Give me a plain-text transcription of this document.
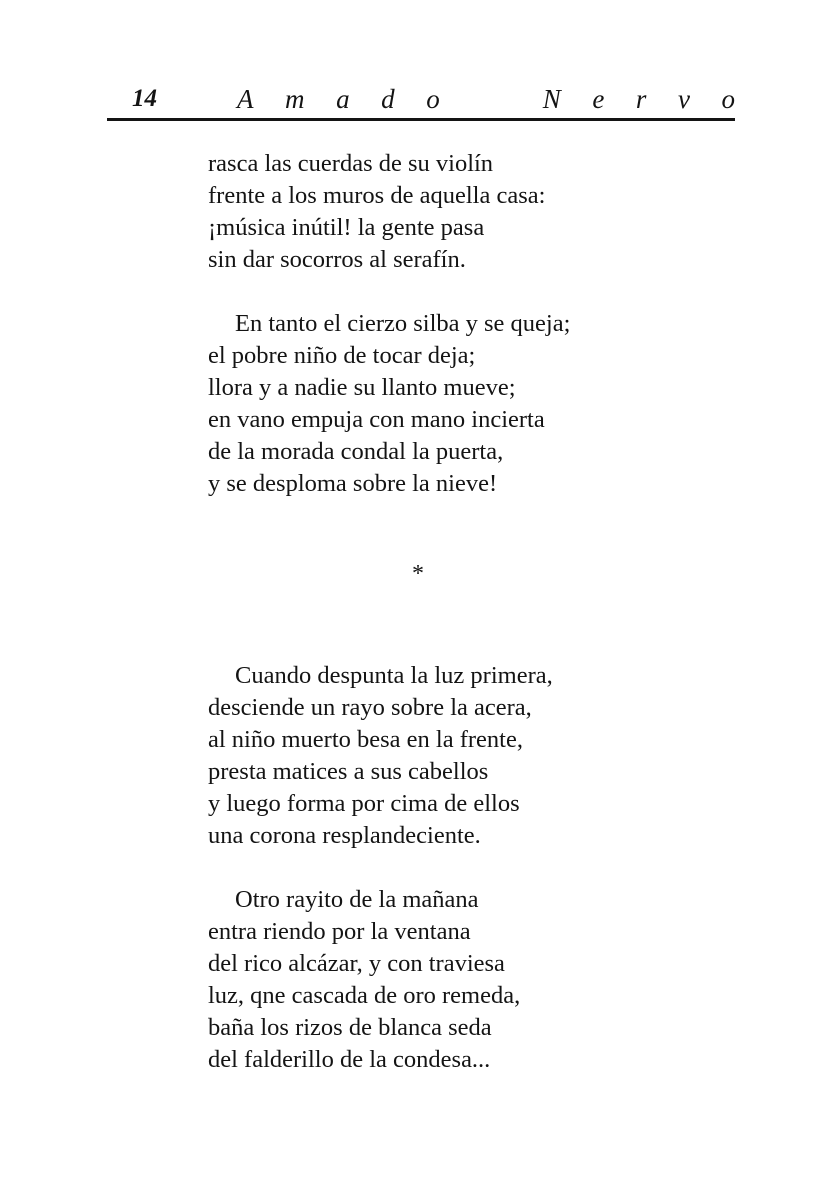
14	A m a d o	N e r v o

rasca las cuerdas de su violín
frente a los muros de aquella casa:
¡música inútil! la gente pasa
sin dar socorros al serafín.

En tanto el cierzo silba y se queja;
el pobre niño de tocar deja;
llora y a nadie su llanto mueve;
en vano empuja con mano incierta
de la morada condal la puerta,
y se desploma sobre la nieve!

*

Cuando despunta la luz primera,
desciende un rayo sobre la acera,
al niño muerto besa en la frente,
presta matices a sus cabellos
y luego forma por cima de ellos
una corona resplandeciente.

Otro rayito de la mañana
entra riendo por la ventana
del rico alcázar, y con traviesa
luz, qne cascada de oro remeda,
baña los rizos de blanca seda
del falderillo de la condesa...
